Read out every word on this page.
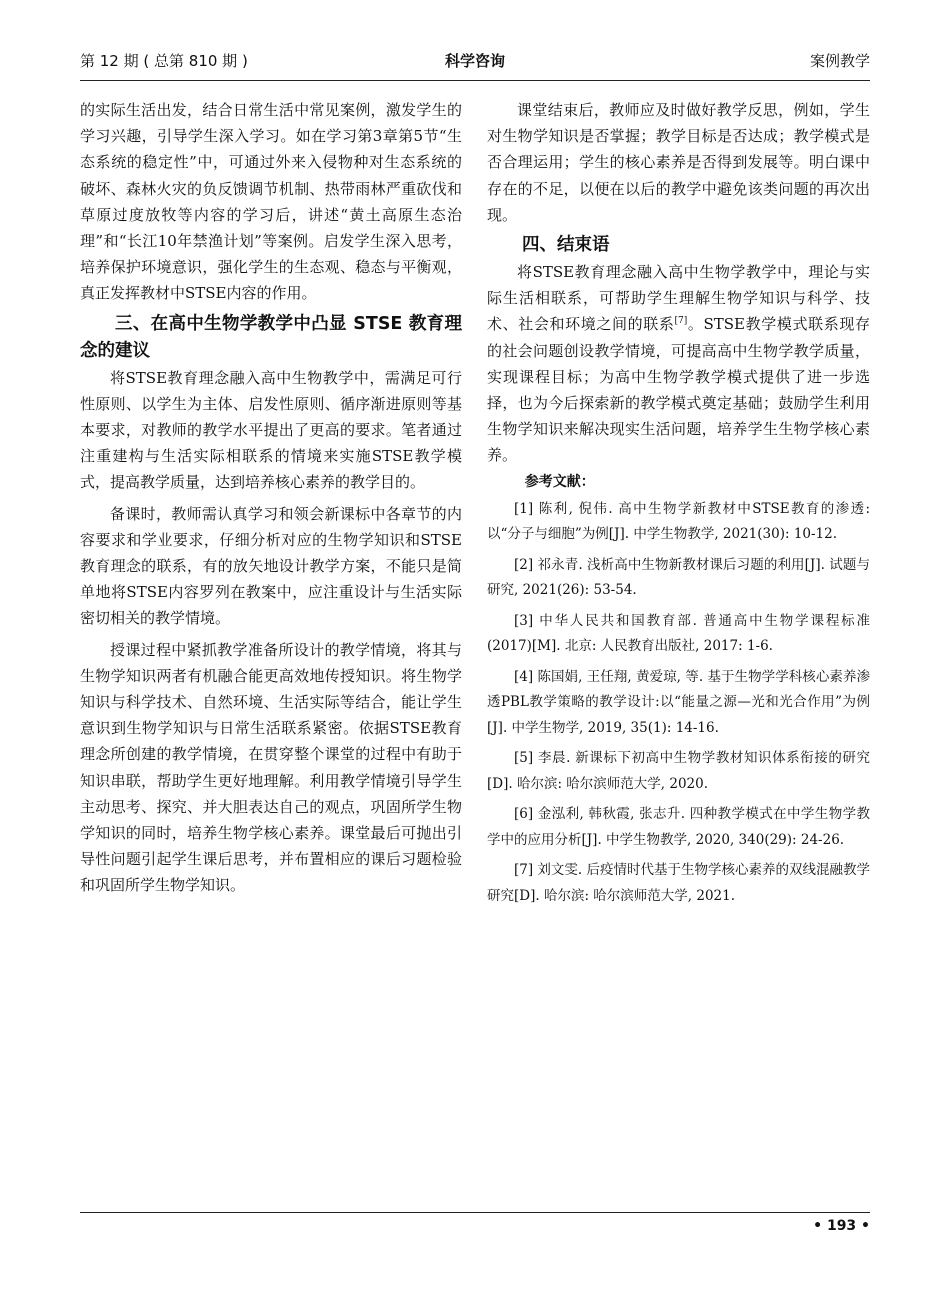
第 12 期 ( 总第 810 期 )	科学咨询	案例教学

的实际生活出发，结合日常生活中常见案例，激发学生的学习兴趣，引导学生深入学习。如在学习第3章第5节“生态系统的稳定性”中，可通过外来入侵物种对生态系统的破坏、森林火灾的负反馈调节机制、热带雨林严重砍伐和草原过度放牧等内容的学习后，讲述“黄土高原生态治理”和“长江10年禁渔计划”等案例。启发学生深入思考，培养保护环境意识，强化学生的生态观、稳态与平衡观，真正发挥教材中STSE内容的作用。

三、在高中生物学教学中凸显 STSE 教育理念的建议

将STSE教育理念融入高中生物教学中，需满足可行性原则、以学生为主体、启发性原则、循序渐进原则等基本要求，对教师的教学水平提出了更高的要求。笔者通过注重建构与生活实际相联系的情境来实施STSE教学模式，提高教学质量，达到培养核心素养的教学目的。

备课时，教师需认真学习和领会新课标中各章节的内容要求和学业要求，仔细分析对应的生物学知识和STSE教育理念的联系，有的放矢地设计教学方案，不能只是简单地将STSE内容罗列在教案中，应注重设计与生活实际密切相关的教学情境。

授课过程中紧抓教学准备所设计的教学情境，将其与生物学知识两者有机融合能更高效地传授知识。将生物学知识与科学技术、自然环境、生活实际等结合，能让学生意识到生物学知识与日常生活联系紧密。依据STSE教育理念所创建的教学情境，在贯穿整个课堂的过程中有助于知识串联，帮助学生更好地理解。利用教学情境引导学生主动思考、探究、并大胆表达自己的观点，巩固所学生物学知识的同时，培养生物学核心素养。课堂最后可抛出引导性问题引起学生课后思考，并布置相应的课后习题检验和巩固所学生物学知识。

课堂结束后，教师应及时做好教学反思，例如，学生对生物学知识是否掌握；教学目标是否达成；教学模式是否合理运用；学生的核心素养是否得到发展等。明白课中存在的不足，以便在以后的教学中避免该类问题的再次出现。

四、结束语

将STSE教育理念融入高中生物学教学中，理论与实际生活相联系，可帮助学生理解生物学知识与科学、技术、社会和环境之间的联系[7]。STSE教学模式联系现存的社会问题创设教学情境，可提高高中生物学教学质量，实现课程目标；为高中生物学教学模式提供了进一步选择，也为今后探索新的教学模式奠定基础；鼓励学生利用生物学知识来解决现实生活问题，培养学生生物学核心素养。

参考文献：
[1] 陈利, 倪伟. 高中生物学新教材中STSE教育的渗透:以“分子与细胞”为例[J]. 中学生物教学, 2021(30): 10-12.
[2] 祁永青. 浅析高中生物新教材课后习题的利用[J]. 试题与研究, 2021(26): 53-54.
[3] 中华人民共和国教育部. 普通高中生物学课程标准(2017)[M]. 北京: 人民教育出版社, 2017: 1-6.
[4] 陈国娟, 王任翔, 黄爱琼, 等. 基于生物学学科核心素养渗透PBL教学策略的教学设计:以“能量之源—光和光合作用”为例[J]. 中学生物学, 2019, 35(1): 14-16.
[5] 李晨. 新课标下初高中生物学教材知识体系衔接的研究[D]. 哈尔滨: 哈尔滨师范大学, 2020.
[6] 金泓利, 韩秋霞, 张志升. 四种教学模式在中学生物学教学中的应用分析[J]. 中学生物教学, 2020, 340(29): 24-26.
[7] 刘文雯. 后疫情时代基于生物学核心素养的双线混融教学研究[D]. 哈尔滨: 哈尔滨师范大学, 2021.
• 193 •
